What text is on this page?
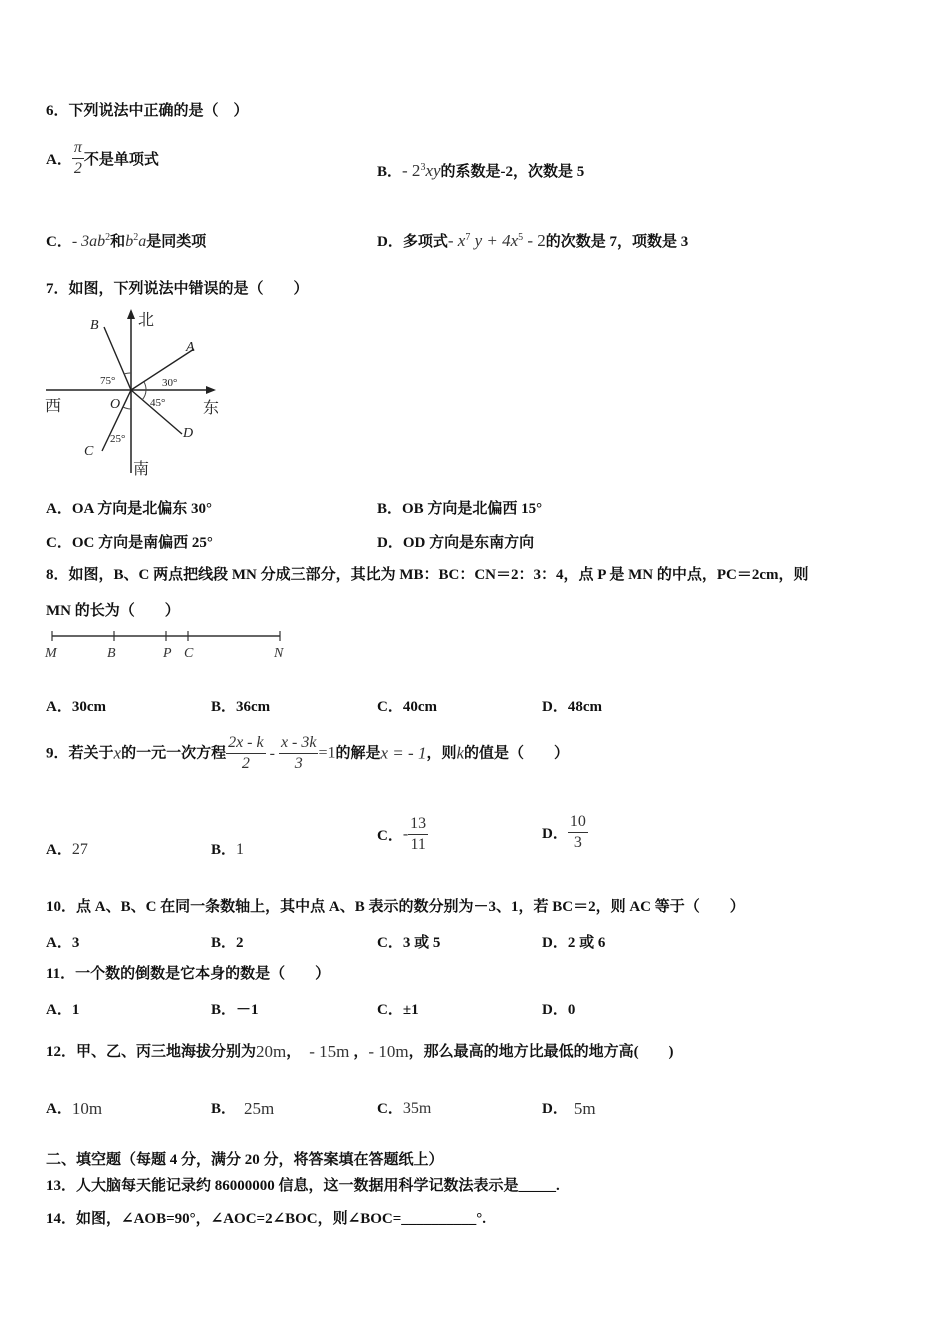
6．下列说法中正确的是（　）
A． $\frac{\pi}{2}$ 不是单项式
B．- $2^3xy$的系数是-2，次数是 5
C．- $3ab^2$和$b^2a$是同类项	D．多项式- $x^7$ $y + 4x^5 - 2$的次数是 7，项数是 3
7．如图，下列说法中错误的是（　　）
北
南
西	东
A
B
C
D
O
75°	30°
45°
25°
A．OA 方向是北偏东 30°	B．OB 方向是北偏西 15°
C．OC 方向是南偏西 25°	D．OD 方向是东南方向
8．如图，B、C 两点把线段 MN 分成三部分，其比为 MB：BC：CN＝2：3：4，点 P 是 MN 的中点，PC＝2cm，则
MN 的长为（　　）
M	B	P C	N
A．30cm	B．36cm	C．40cm	D．48cm
9．若关于x的一元一次方程 $\frac{2x - k}{2} - \frac{x - 3k}{3} =1$的解是x = - 1，则k的值是（　　）
A．27	B．1
C．- $\frac{13}{11}$	D． $\frac{10}{3}$
10．点 A、B、C 在同一条数轴上，其中点 A、B 表示的数分别为－3、1，若 BC＝2，则 AC 等于（　　）
A．3	B．2	C．3 或 5	D．2 或 6
11．一个数的倒数是它本身的数是（　　）
A．1	B．－1	C．±1	D．0
12．甲、乙、丙三地海拔分别为20m， - 15m ，- 10m，那么最高的地方比最低的地方高(　　)
A．10m	B． 25m	C．35m	D． 5m
二、填空题（每题 4 分，满分 20 分，将答案填在答题纸上）
13．人大脑每天能记录约 86000000 信息，这一数据用科学记数法表示是_____.
14．如图，∠AOB=90°，∠AOC=2∠BOC，则∠BOC=__________°.
